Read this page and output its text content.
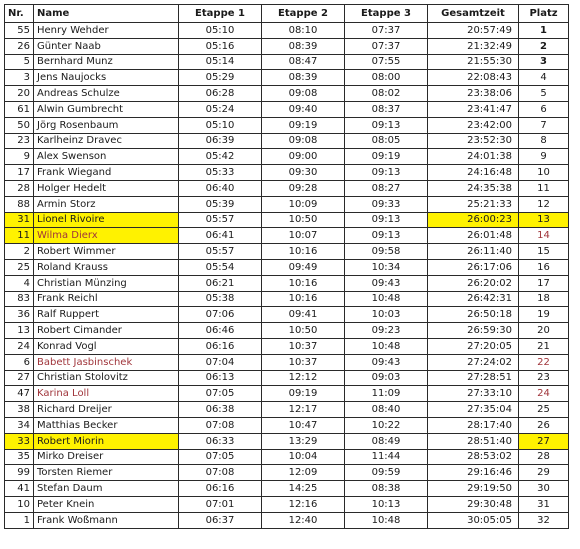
Nr.	Name	Etappe 1	Etappe 2	Etappe 3	Gesamtzeit	Platz
55	Henry Wehder	05:10	08:10	07:37	20:57:49	1
26	Günter Naab	05:16	08:39	07:37	21:32:49	2
5	Bernhard Munz	05:14	08:47	07:55	21:55:30	3
3	Jens Naujocks	05:29	08:39	08:00	22:08:43	4
20	Andreas Schulze	06:28	09:08	08:02	23:38:06	5
61	Alwin Gumbrecht	05:24	09:40	08:37	23:41:47	6
50	Jörg Rosenbaum	05:10	09:19	09:13	23:42:00	7
23	Karlheinz Dravec	06:39	09:08	08:05	23:52:30	8
9	Alex Swenson	05:42	09:00	09:19	24:01:38	9
17	Frank Wiegand	05:33	09:30	09:13	24:16:48	10
28	Holger Hedelt	06:40	09:28	08:27	24:35:38	11
88	Armin Storz	05:39	10:09	09:33	25:21:33	12
31	Lionel Rivoire	05:57	10:50	09:13	26:00:23	13
11	Wilma Dierx	06:41	10:07	09:13	26:01:48	14
2	Robert Wimmer	05:57	10:16	09:58	26:11:40	15
25	Roland Krauss	05:54	09:49	10:34	26:17:06	16
4	Christian Münzing	06:21	10:16	09:43	26:20:02	17
83	Frank Reichl	05:38	10:16	10:48	26:42:31	18
36	Ralf Ruppert	07:06	09:41	10:03	26:50:18	19
13	Robert Cimander	06:46	10:50	09:23	26:59:30	20
24	Konrad Vogl	06:16	10:37	10:48	27:20:05	21
6	Babett Jasbinschek	07:04	10:37	09:43	27:24:02	22
27	Christian Stolovitz	06:13	12:12	09:03	27:28:51	23
47	Karina Loll	07:05	09:19	11:09	27:33:10	24
38	Richard Dreijer	06:38	12:17	08:40	27:35:04	25
34	Matthias Becker	07:08	10:47	10:22	28:17:40	26
33	Robert Miorin	06:33	13:29	08:49	28:51:40	27
35	Mirko Dreiser	07:05	10:04	11:44	28:53:02	28
99	Torsten Riemer	07:08	12:09	09:59	29:16:46	29
41	Stefan Daum	06:16	14:25	08:38	29:19:50	30
10	Peter Knein	07:01	12:16	10:13	29:30:48	31
1	Frank Woßmann	06:37	12:40	10:48	30:05:05	32
